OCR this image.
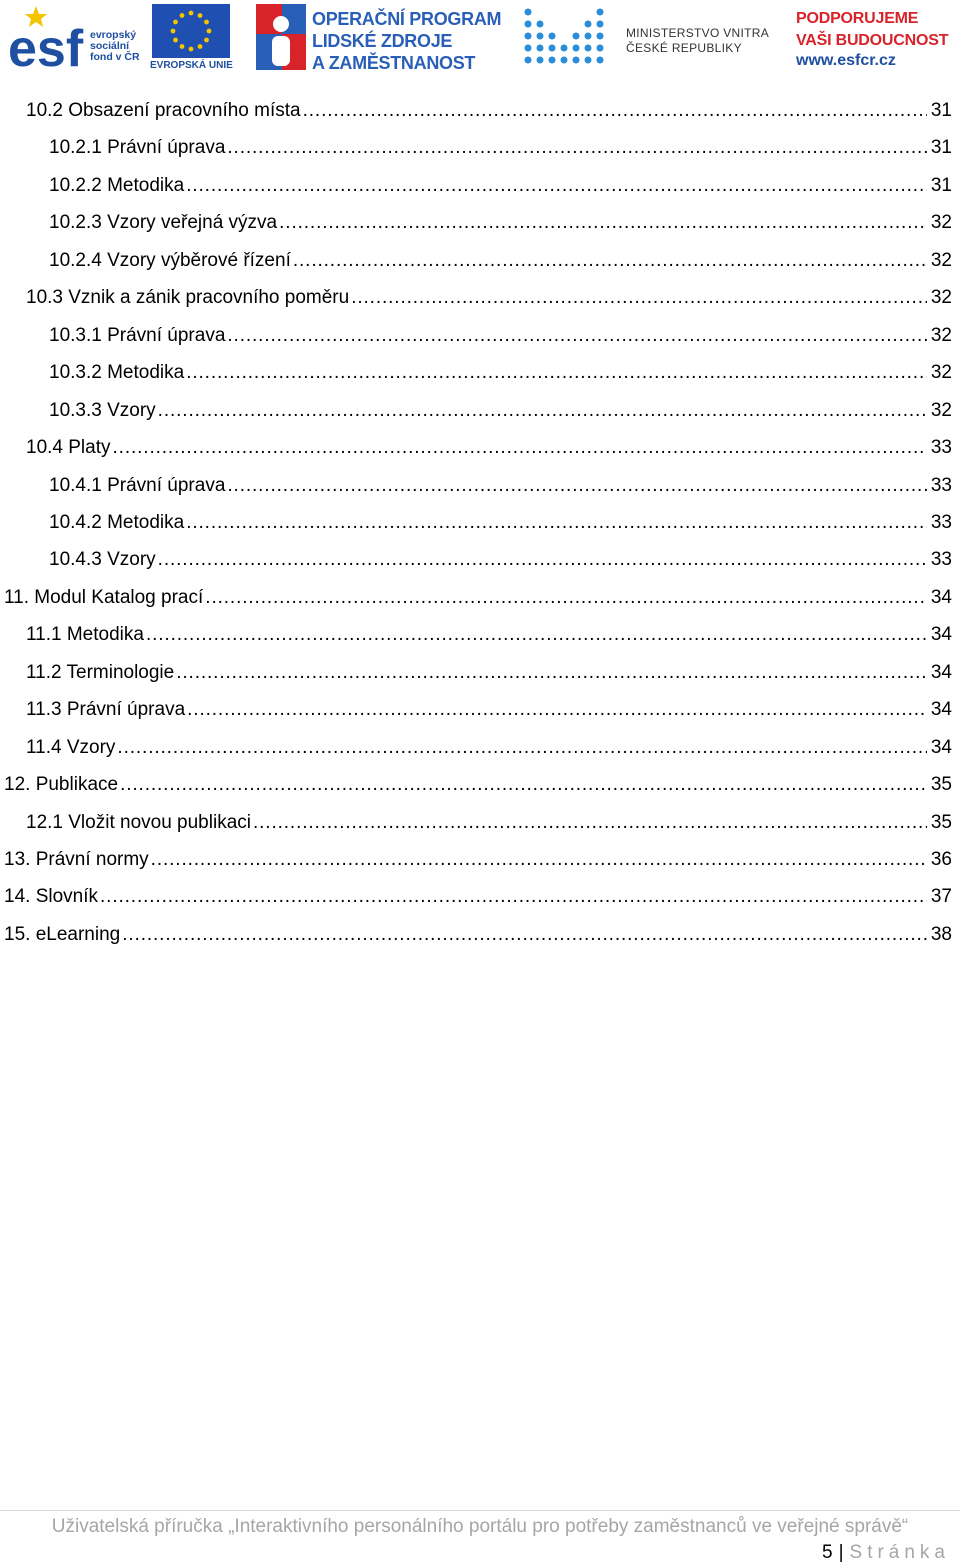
esf evropský
sociální
fond v ČR
EVROPSKÁ UNIE
OPERAČNÍ PROGRAM
LIDSKÉ ZDROJE
A ZAMĚSTNANOST
MINISTERSTVO VNITRA
ČESKÉ REPUBLIKY
PODPORUJEME
VAŠI BUDOUCNOST
www.esfcr.cz
10.2 Obsazení pracovního místa . . .	31
10.2.1 Právní úprava . . .	31
10.2.2 Metodika . . .	31
10.2.3 Vzory veřejná výzva . . .	32
10.2.4 Vzory výběrové řízení . . .	32
10.3 Vznik a zánik pracovního poměru . . .	32
10.3.1 Právní úprava . . .	32
10.3.2 Metodika . . .	32
10.3.3 Vzory . . .	32
10.4 Platy . . .	33
10.4.1 Právní úprava . . .	33
10.4.2 Metodika . . .	33
10.4.3 Vzory . . .	33
11. Modul Katalog prací . . .	34
11.1 Metodika . . .	34
11.2 Terminologie . . .	34
11.3 Právní úprava . . .	34
11.4 Vzory . . .	34
12. Publikace . . .	35
12.1 Vložit novou publikaci . . .	35
13. Právní normy . . .	36
14. Slovník . . .	37
15. eLearning . . .	38
Uživatelská příručka „Interaktivního personálního portálu pro potřeby zaměstnanců ve veřejné správě“
5 | Stránka
